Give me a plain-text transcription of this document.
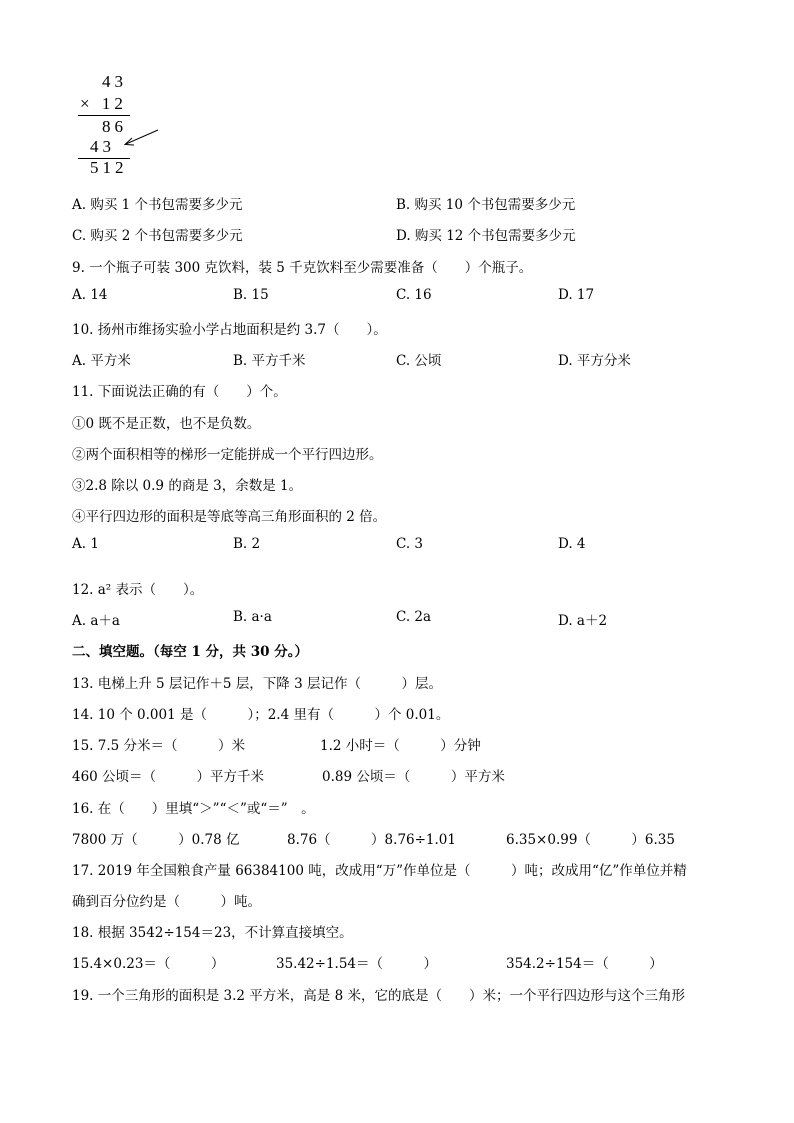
43
× 12
86
43
512
A. 购买 1 个书包需要多少元	B. 购买 10 个书包需要多少元
C. 购买 2 个书包需要多少元	D. 购买 12 个书包需要多少元
9. 一个瓶子可装 300 克饮料，装 5 千克饮料至少需要准备（　　）个瓶子。
A. 14	B. 15	C. 16	D. 17
10. 扬州市维扬实验小学占地面积是约 3.7（　　）。
A. 平方米	B. 平方千米	C. 公顷	D. 平方分米
11. 下面说法正确的有（　　）个。
①0 既不是正数，也不是负数。
②两个面积相等的梯形一定能拼成一个平行四边形。
③2.8 除以 0.9 的商是 3，余数是 1。
④平行四边形的面积是等底等高三角形面积的 2 倍。
A. 1	B. 2	C. 3	D. 4
12. a² 表示（　　）。
A. a＋a	B. a·a	C. 2a	D. a＋2
二、填空题。（每空 1 分，共 30 分。）
13. 电梯上升 5 层记作＋5 层，下降 3 层记作（　　　）层。
14. 10 个 0.001 是（　　　）；2.4 里有（　　　）个 0.01。
15. 7.5 分米＝（　　　）米	1.2 小时＝（　　　）分钟
460 公顷＝（　　　）平方千米	0.89 公顷＝（　　　）平方米
16. 在（　　）里填“＞”“＜”或“＝”　。
7800 万（　　　）0.78 亿	8.76（　　　）8.76÷1.01	6.35×0.99（　　　）6.35
17. 2019 年全国粮食产量 66384100 吨，改成用“万”作单位是（　　　）吨；改成用“亿”作单位并精
确到百分位约是（　　　）吨。
18. 根据 3542÷154＝23，不计算直接填空。
15.4×0.23＝（　　　）	35.42÷1.54＝（　　　）	354.2÷154＝（　　　）
19. 一个三角形的面积是 3.2 平方米，高是 8 米，它的底是（　　）米；一个平行四边形与这个三角形
